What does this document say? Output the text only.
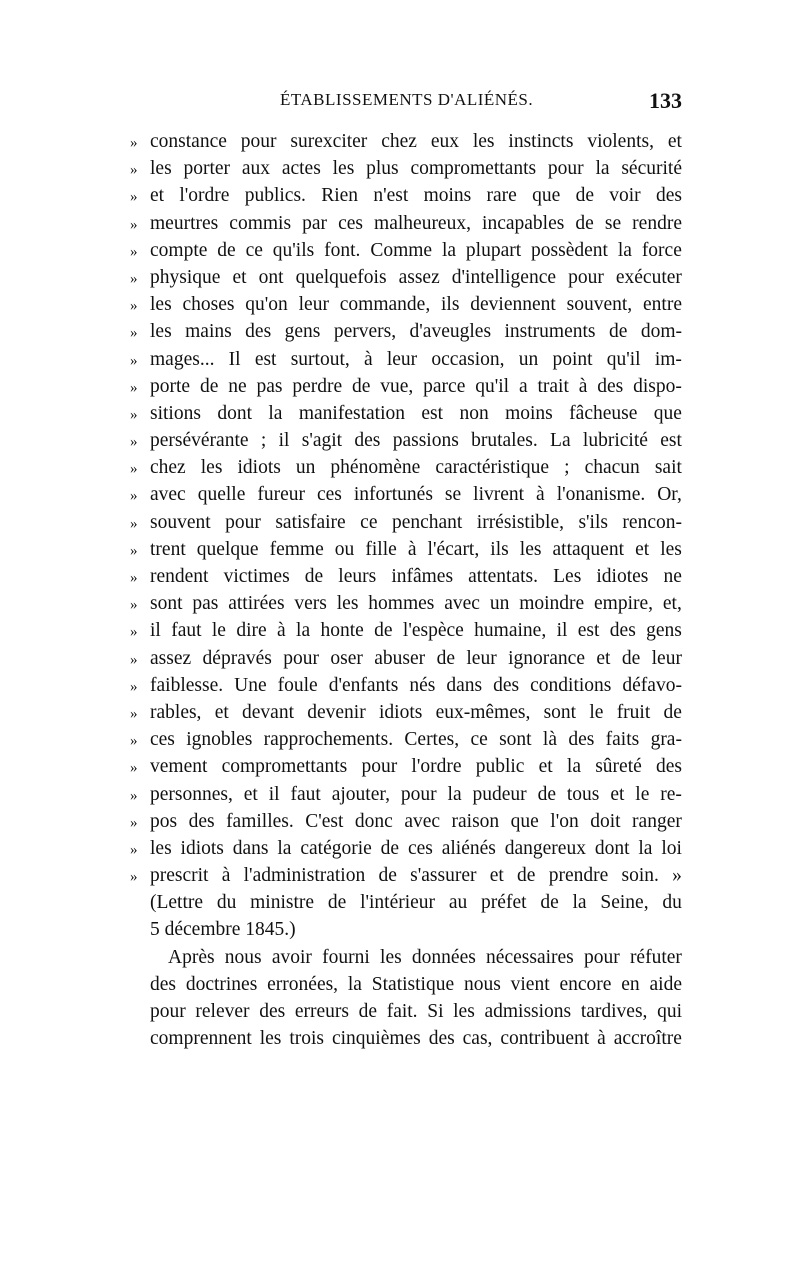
ÉTABLISSEMENTS D'ALIÉNÉS.	133
» constance pour surexciter chez eux les instincts violents, et
» les porter aux actes les plus compromettants pour la sécurité
» et l'ordre publics. Rien n'est moins rare que de voir des
» meurtres commis par ces malheureux, incapables de se rendre
» compte de ce qu'ils font. Comme la plupart possèdent la force
» physique et ont quelquefois assez d'intelligence pour exécuter
» les choses qu'on leur commande, ils deviennent souvent, entre
» les mains des gens pervers, d'aveugles instruments de dom-
» mages... Il est surtout, à leur occasion, un point qu'il im-
» porte de ne pas perdre de vue, parce qu'il a trait à des dispo-
» sitions dont la manifestation est non moins fâcheuse que
» persévérante ; il s'agit des passions brutales. La lubricité est
» chez les idiots un phénomène caractéristique ; chacun sait
» avec quelle fureur ces infortunés se livrent à l'onanisme. Or,
» souvent pour satisfaire ce penchant irrésistible, s'ils rencon-
» trent quelque femme ou fille à l'écart, ils les attaquent et les
» rendent victimes de leurs infâmes attentats. Les idiotes ne
» sont pas attirées vers les hommes avec un moindre empire, et,
» il faut le dire à la honte de l'espèce humaine, il est des gens
» assez dépravés pour oser abuser de leur ignorance et de leur
» faiblesse. Une foule d'enfants nés dans des conditions défavo-
» rables, et devant devenir idiots eux-mêmes, sont le fruit de
» ces ignobles rapprochements. Certes, ce sont là des faits gra-
» vement compromettants pour l'ordre public et la sûreté des
» personnes, et il faut ajouter, pour la pudeur de tous et le re-
» pos des familles. C'est donc avec raison que l'on doit ranger
» les idiots dans la catégorie de ces aliénés dangereux dont la loi
» prescrit à l'administration de s'assurer et de prendre soin. »
(Lettre du ministre de l'intérieur au préfet de la Seine, du
5 décembre 1845.)
Après nous avoir fourni les données nécessaires pour réfuter
des doctrines erronées, la Statistique nous vient encore en aide
pour relever des erreurs de fait. Si les admissions tardives, qui
comprennent les trois cinquièmes des cas, contribuent à accroître
